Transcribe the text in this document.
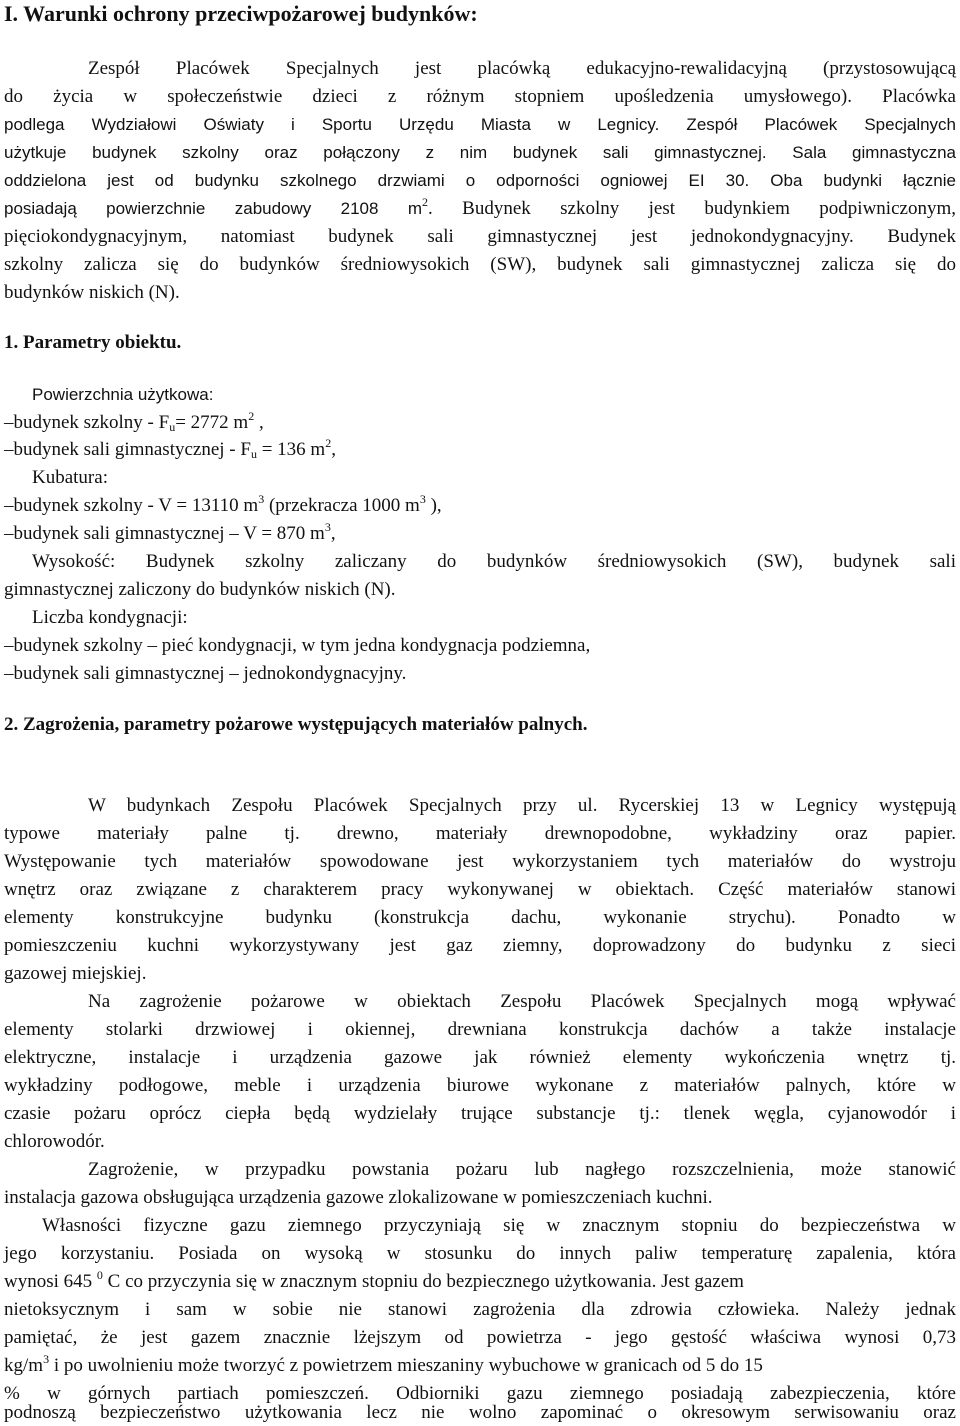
I. Warunki ochrony przeciwpożarowej budynków:
Zespół Placówek Specjalnych jest placówką edukacyjno-rewalidacyjną (przystosowującą
do życia w społeczeństwie dzieci z różnym stopniem upośledzenia umysłowego). Placówka
podlega Wydziałowi Oświaty i Sportu Urzędu Miasta w Legnicy. Zespół Placówek Specjalnych
użytkuje budynek szkolny oraz połączony z nim budynek sali gimnastycznej. Sala gimnastyczna
oddzielona jest od budynku szkolnego drzwiami o odporności ogniowej EI 30. Oba budynki łącznie
posiadają powierzchnie zabudowy 2108 $m^2$. Budynek szkolny jest budynkiem podpiwniczonym,
pięciokondygnacyjnym, natomiast budynek sali gimnastycznej jest jednokondygnacyjny. Budynek
szkolny zalicza się do budynków średniowysokich (SW), budynek sali gimnastycznej zalicza się do
budynków niskich (N).
1. Parametry obiektu.
Powierzchnia użytkowa:
–budynek szkolny - $F_u= 2772$ $m^2$ ,
–budynek sali gimnastycznej - $F_u = 136$ $m^2$,
Kubatura:
–budynek szkolny - V = 13110 $m^3$ (przekracza 1000 $m^3$ ),
–budynek sali gimnastycznej – V = 870 $m^3$,
Wysokość: Budynek szkolny zaliczany do budynków średniowysokich (SW), budynek sali
gimnastycznej zaliczony do budynków niskich (N).
Liczba kondygnacji:
–budynek szkolny – pieć kondygnacji, w tym jedna kondygnacja podziemna,
–budynek sali gimnastycznej – jednokondygnacyjny.
2. Zagrożenia, parametry pożarowe występujących materiałów palnych.
W budynkach Zespołu Placówek Specjalnych przy ul. Rycerskiej 13 w Legnicy występują
typowe materiały palne tj. drewno, materiały drewnopodobne, wykładziny oraz papier.
Występowanie tych materiałów spowodowane jest wykorzystaniem tych materiałów do wystroju
wnętrz oraz związane z charakterem pracy wykonywanej w obiektach. Część materiałów stanowi
elementy konstrukcyjne budynku (konstrukcja dachu, wykonanie strychu). Ponadto w
pomieszczeniu kuchni wykorzystywany jest gaz ziemny, doprowadzony do budynku z sieci
gazowej miejskiej.
Na zagrożenie pożarowe w obiektach Zespołu Placówek Specjalnych mogą wpływać
elementy stolarki drzwiowej i okiennej, drewniana konstrukcja dachów a także instalacje
elektryczne, instalacje i urządzenia gazowe jak również elementy wykończenia wnętrz tj.
wykładziny podłogowe, meble i urządzenia biurowe wykonane z materiałów palnych, które w
czasie pożaru oprócz ciepła będą wydzielały trujące substancje tj.: tlenek węgla, cyjanowodór i
chlorowodór.
Zagrożenie, w przypadku powstania pożaru lub nagłego rozszczelnienia, może stanowić
instalacja gazowa obsługująca urządzenia gazowe zlokalizowane w pomieszczeniach kuchni.
Własności fizyczne gazu ziemnego przyczyniają się w znacznym stopniu do bezpieczeństwa w
jego korzystaniu. Posiada on wysoką w stosunku do innych paliw temperaturę zapalenia, która
wynosi 645 $^0$ C co przyczynia się w znacznym stopniu do bezpiecznego użytkowania. Jest gazem
nietoksycznym i sam w sobie nie stanowi zagrożenia dla zdrowia człowieka. Należy jednak
pamiętać, że jest gazem znacznie lżejszym od powietrza - jego gęstość właściwa wynosi 0,73
$kg/m^3$ i po uwolnieniu może tworzyć z powietrzem mieszaniny wybuchowe w granicach od 5 do 15
% w górnych partiach pomieszczeń. Odbiorniki gazu ziemnego posiadają zabezpieczenia, które
podnoszą bezpieczeństwo użytkowania lecz nie wolno zapominać o okresowym serwisowaniu oraz
